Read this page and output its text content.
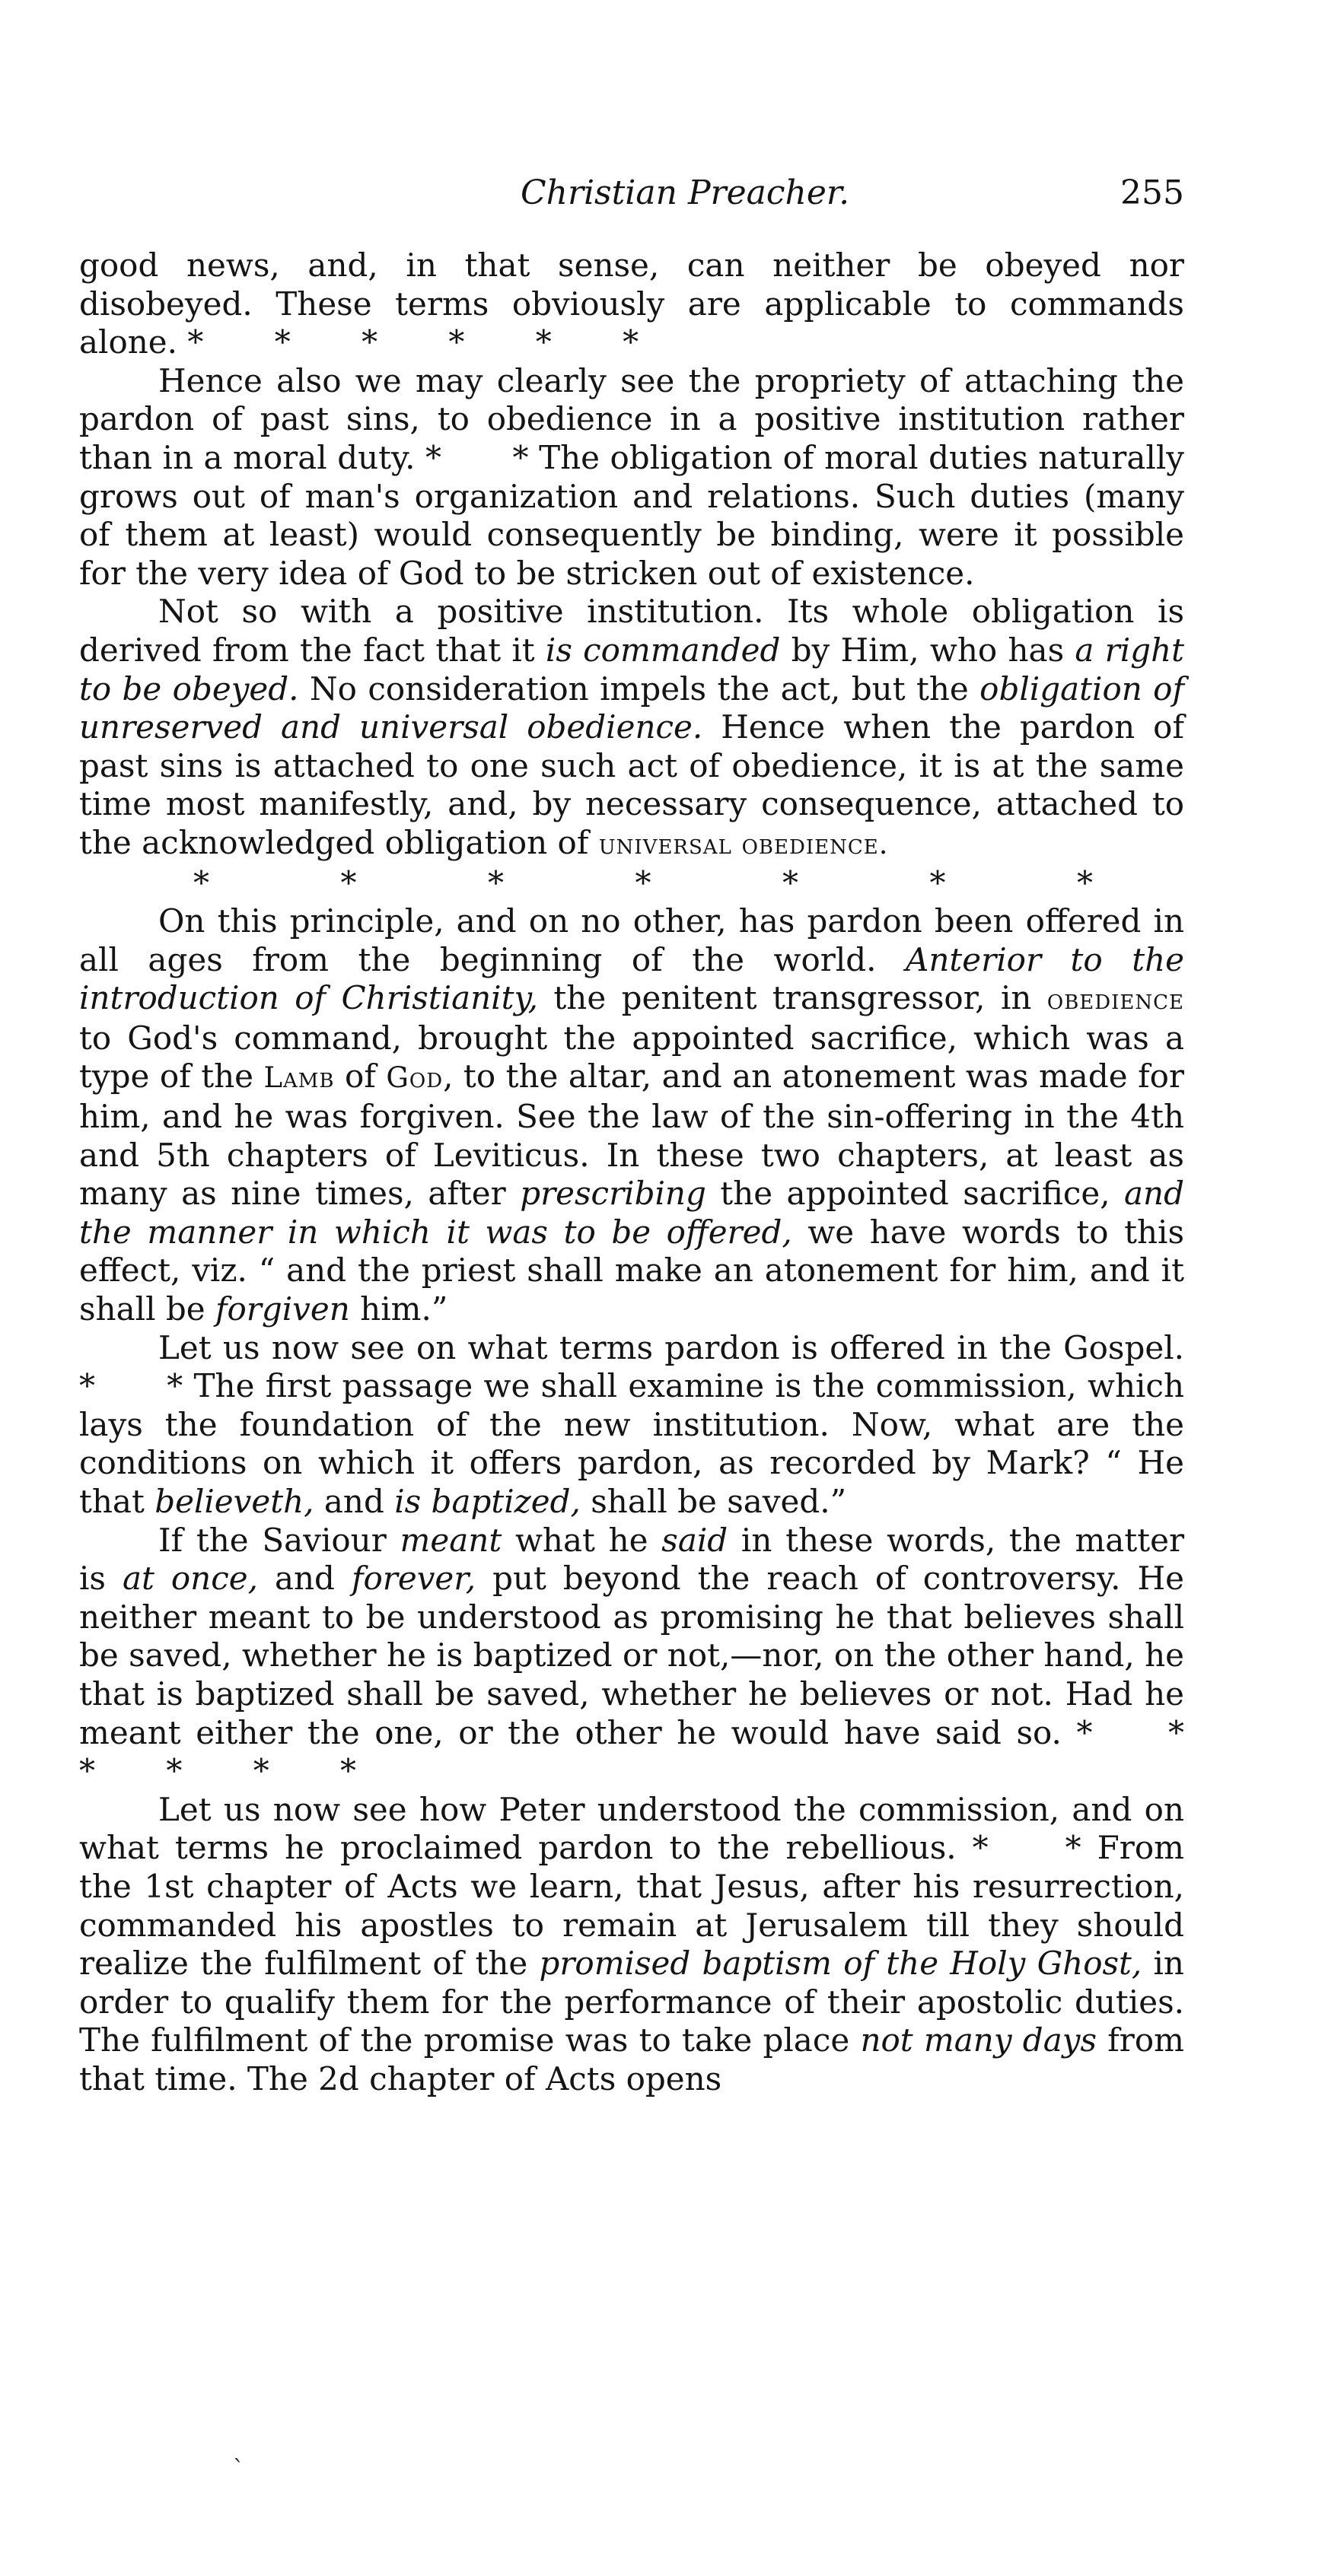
Christian Preacher.	255

good news, and, in that sense, can neither be obeyed nor disobeyed. These terms obviously are applicable to commands alone. * * * * * *

Hence also we may clearly see the propriety of attaching the pardon of past sins, to obedience in a positive institution rather than in a moral duty. * * The obligation of moral duties naturally grows out of man's organization and relations. Such duties (many of them at least) would consequently be binding, were it possible for the very idea of God to be stricken out of existence.

Not so with a positive institution. Its whole obligation is derived from the fact that it is commanded by Him, who has a right to be obeyed. No consideration impels the act, but the obligation of unreserved and universal obedience. Hence when the pardon of past sins is attached to one such act of obedience, it is at the same time most manifestly, and, by necessary consequence, attached to the acknowledged obligation of universal obedience.

*	*	*	*	*	*	*

On this principle, and on no other, has pardon been offered in all ages from the beginning of the world. Anterior to the introduction of Christianity, the penitent transgressor, in obedience to God's command, brought the appointed sacrifice, which was a type of the Lamb of God, to the altar, and an atonement was made for him, and he was forgiven. See the law of the sin-offering in the 4th and 5th chapters of Leviticus. In these two chapters, at least as many as nine times, after prescribing the appointed sacrifice, and the manner in which it was to be offered, we have words to this effect, viz. “ and the priest shall make an atonement for him, and it shall be forgiven him.”

Let us now see on what terms pardon is offered in the Gospel. * * The first passage we shall examine is the commission, which lays the foundation of the new institution. Now, what are the conditions on which it offers pardon, as recorded by Mark? “ He that believeth, and is baptized, shall be saved.”

If the Saviour meant what he said in these words, the matter is at once, and forever, put beyond the reach of controversy. He neither meant to be understood as promising he that believes shall be saved, whether he is baptized or not,—nor, on the other hand, he that is baptized shall be saved, whether he believes or not. Had he meant either the one, or the other he would have said so. * * * * * *

Let us now see how Peter understood the commission, and on what terms he proclaimed pardon to the rebellious. * * From the 1st chapter of Acts we learn, that Jesus, after his resurrection, commanded his apostles to remain at Jerusalem till they should realize the fulfilment of the promised baptism of the Holy Ghost, in order to qualify them for the performance of their apostolic duties. The fulfilment of the promise was to take place not many days from that time. The 2d chapter of Acts opens

ˋ
